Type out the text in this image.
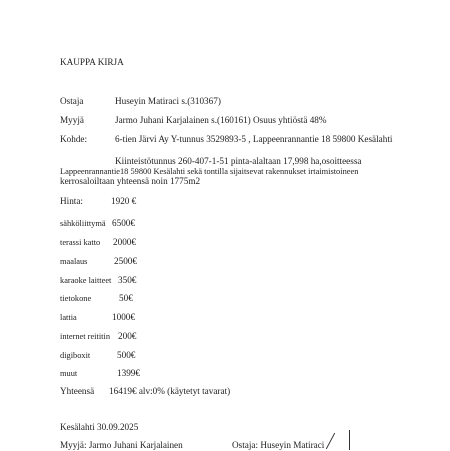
KAUPPA KIRJA
Ostaja	Huseyin Matiraci s.(310367)
Myyjä	Jarmo Juhani Karjalainen s.(160161) Osuus yhtiöstä 48%
Kohde:	6-tien Järvi Ay Y-tunnus 3529893-5 , Lappeenrannantie 18 59800 Kesälahti
Kiinteistötunnus 260-407-1-51 pinta-alaltaan 17,998 ha,osoitteessa
Lappeenrannantie18 59800 Kesälahti sekä tontilla sijaitsevat rakennukset irtaimistoineen
kerrosaloiltaan yhteensä noin 1775m2
Hinta:	1920 €
sähköliittymä 6500€
terassi katto 2000€
maalaus	2500€
karaoke laitteet 350€
tietokone	50€
lattia	1000€
internet reititin 200€
digiboxit	500€
muut	1399€
Yhteensä 16419€ alv:0% (käytetyt tavarat)
Kesälahti 30.09.2025
Myyjä: Jarmo Juhani Karjalainen	Ostaja: Huseyin Matiraci
